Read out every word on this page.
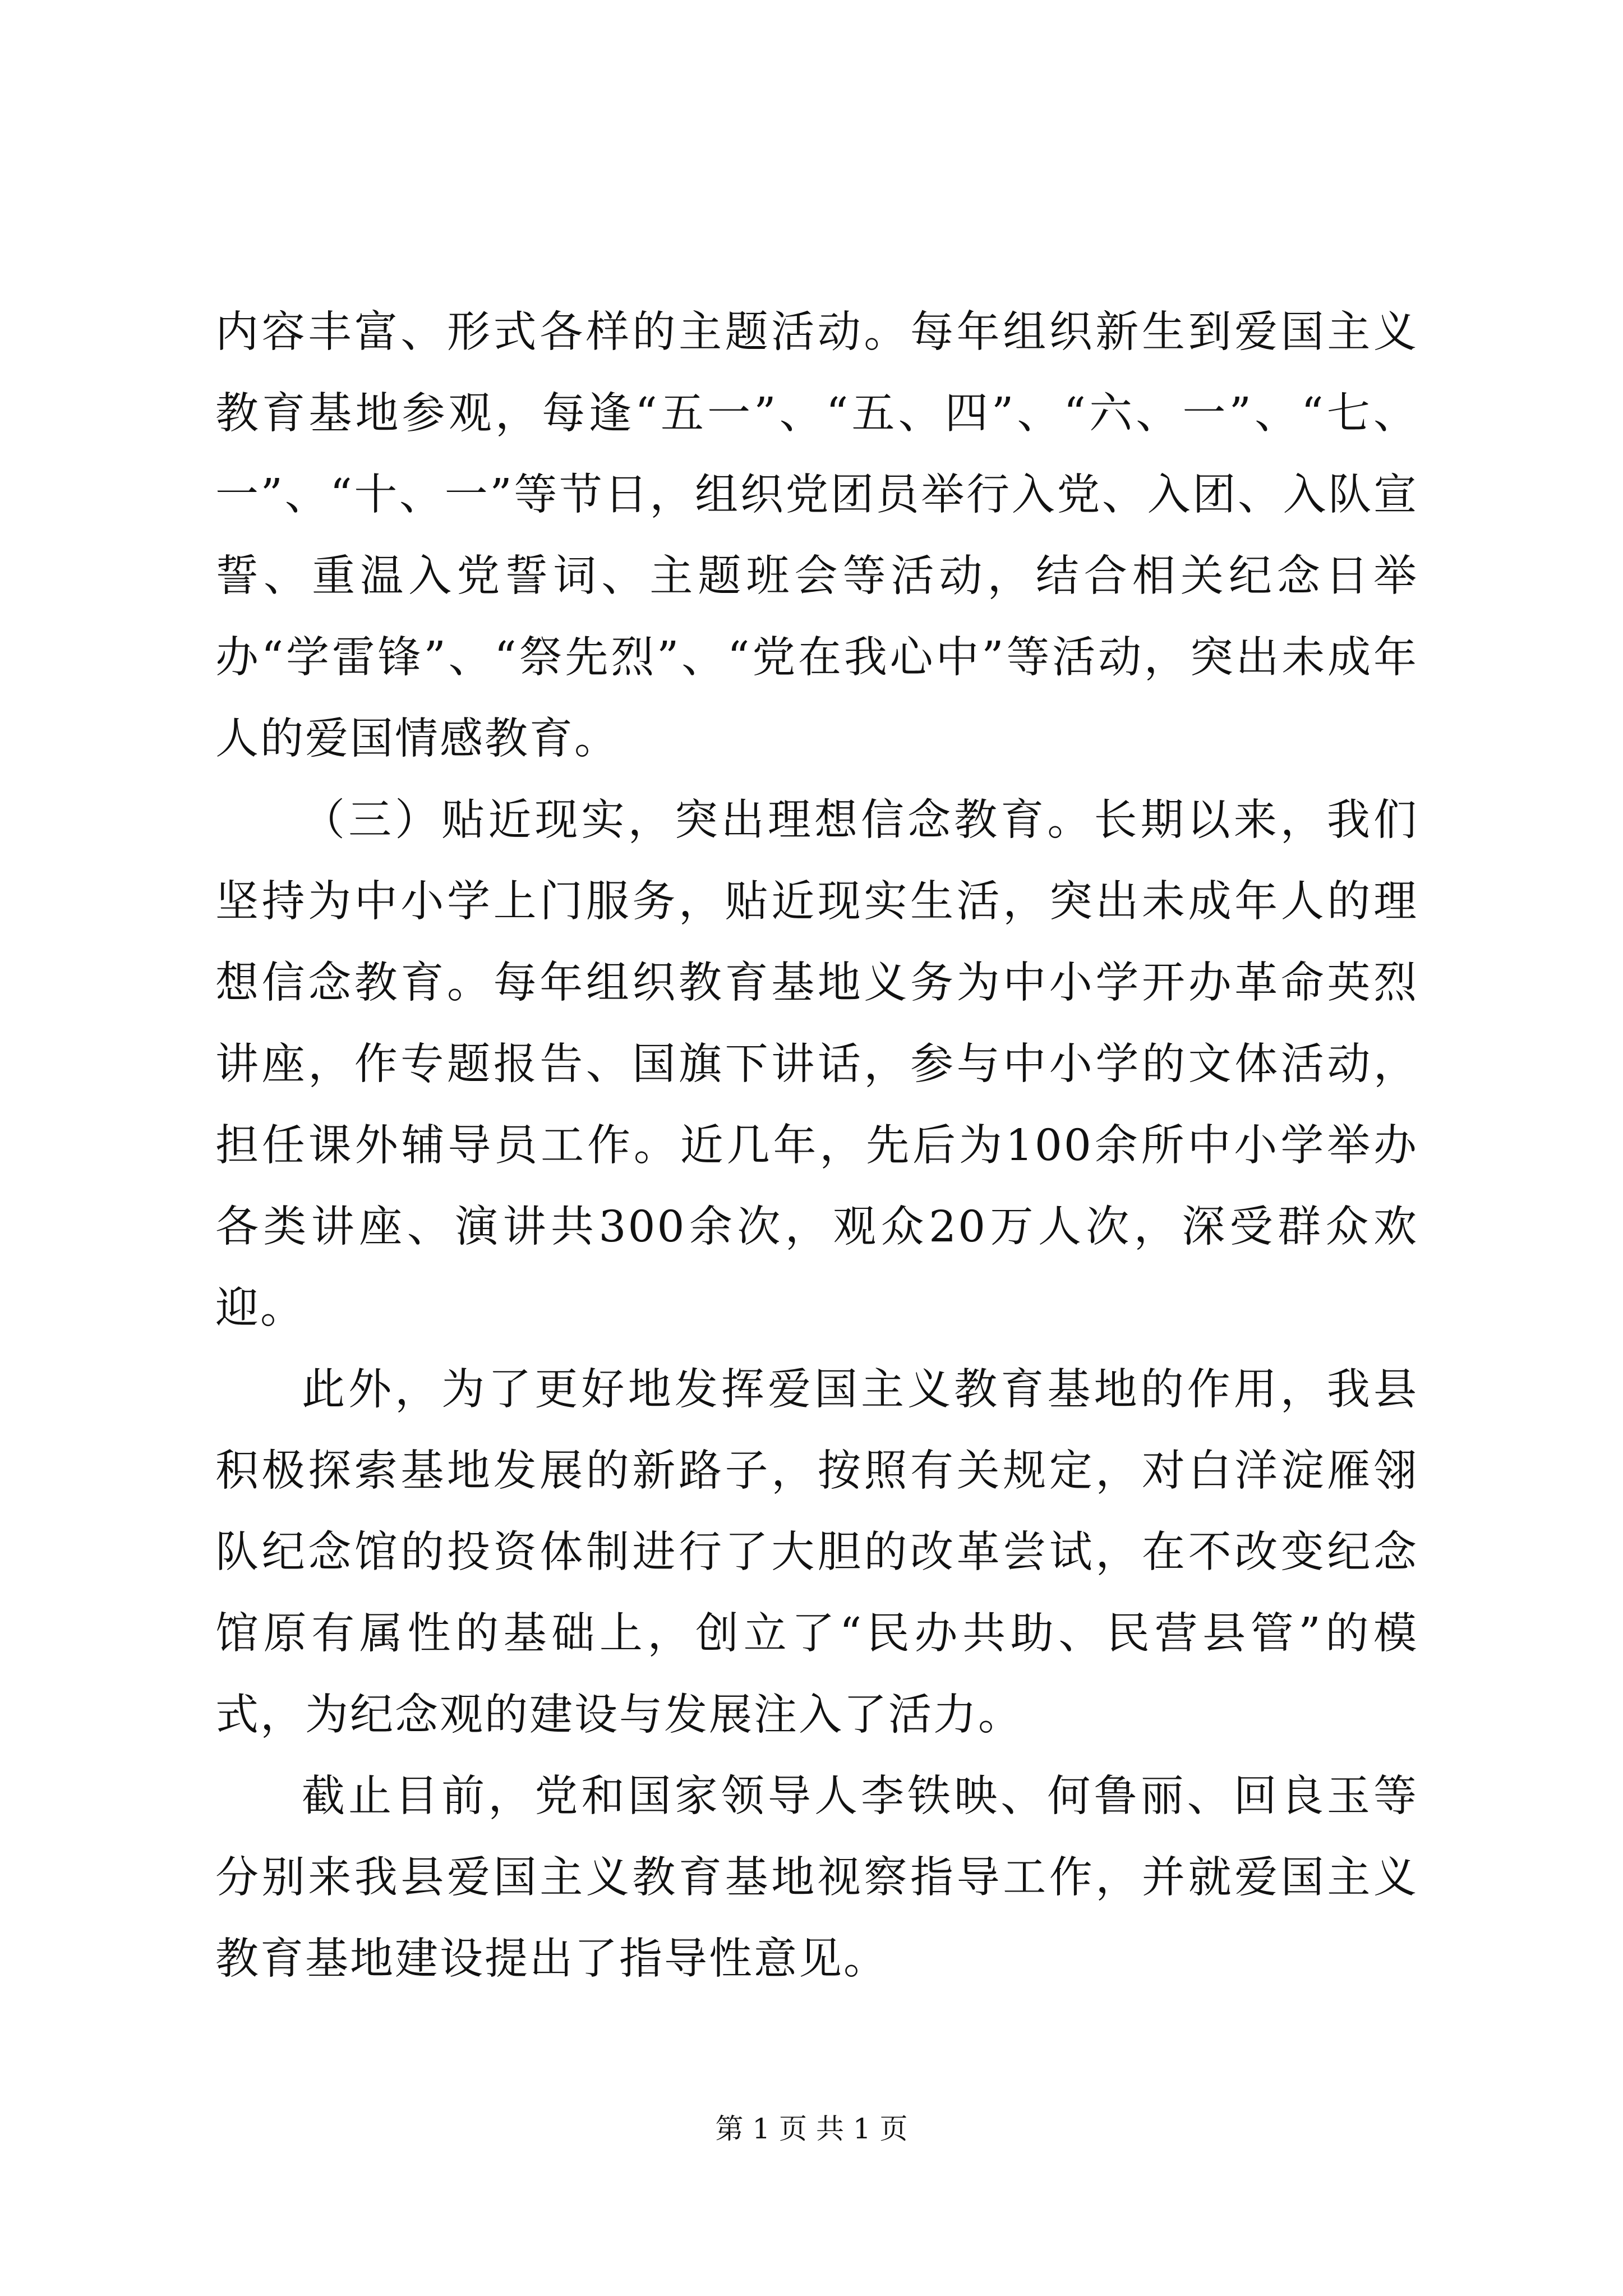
内容丰富、形式各样的主题活动。每年组织新生到爱国主义教育基地参观，每逢“五一”、“五、四”、“六、一”、“七、一”、“十、一”等节日，组织党团员举行入党、入团、入队宣誓、重温入党誓词、主题班会等活动，结合相关纪念日举办“学雷锋”、“祭先烈”、“党在我心中”等活动，突出未成年人的爱国情感教育。

（三）贴近现实，突出理想信念教育。长期以来，我们坚持为中小学上门服务，贴近现实生活，突出未成年人的理想信念教育。每年组织教育基地义务为中小学开办革命英烈讲座，作专题报告、国旗下讲话，参与中小学的文体活动，担任课外辅导员工作。近几年，先后为100余所中小学举办各类讲座、演讲共300余次，观众20万人次，深受群众欢迎。

此外，为了更好地发挥爱国主义教育基地的作用，我县积极探索基地发展的新路子，按照有关规定，对白洋淀雁翎队纪念馆的投资体制进行了大胆的改革尝试，在不改变纪念馆原有属性的基础上，创立了“民办共助、民营县管”的模式，为纪念观的建设与发展注入了活力。

截止目前，党和国家领导人李铁映、何鲁丽、回良玉等分别来我县爱国主义教育基地视察指导工作，并就爱国主义教育基地建设提出了指导性意见。

第 1 页 共 1 页
